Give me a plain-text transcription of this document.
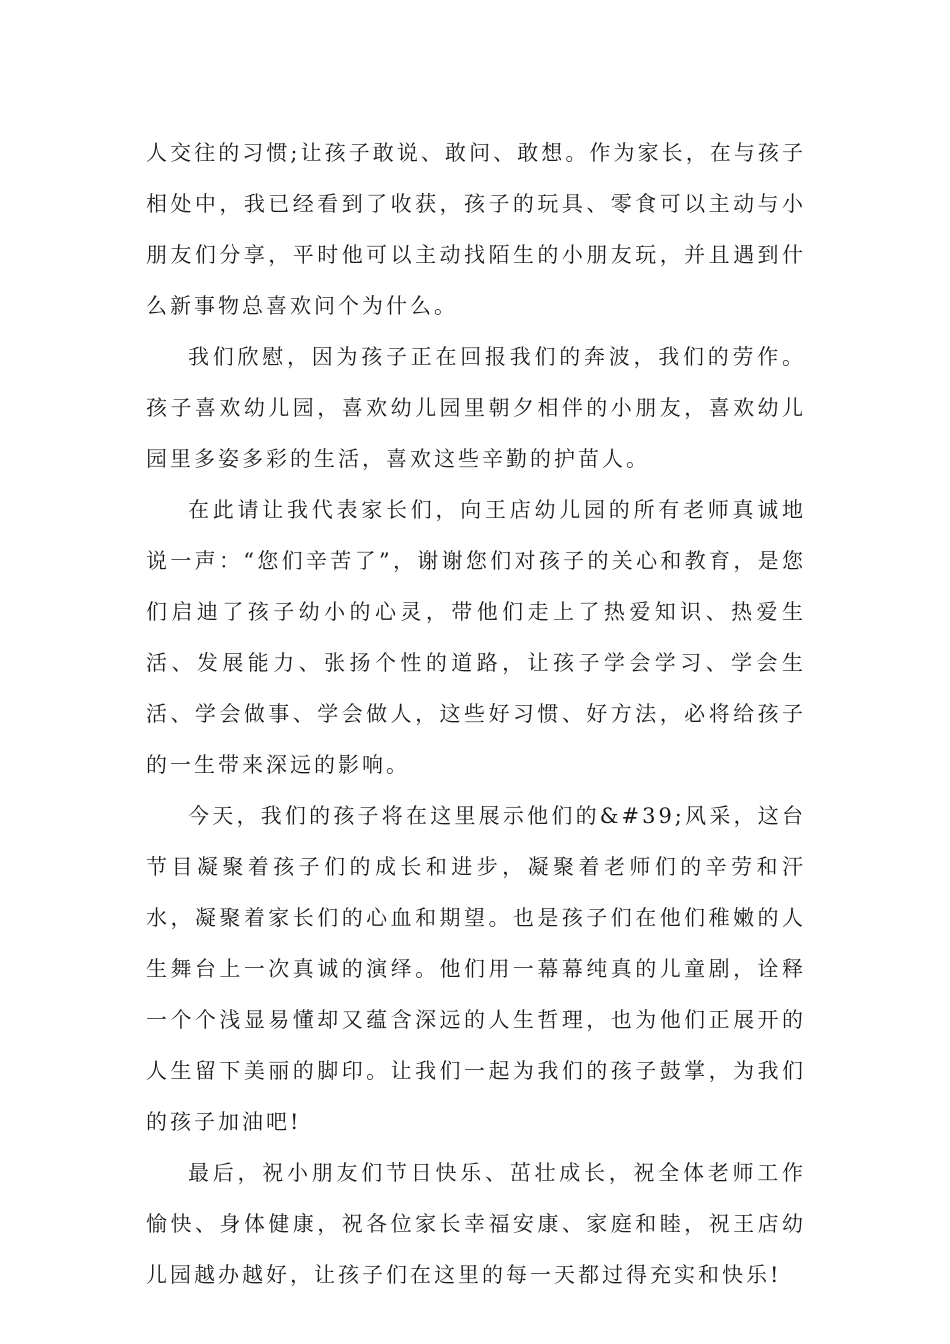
人交往的习惯;让孩子敢说、敢问、敢想。作为家长，在与孩子相处中，我已经看到了收获，孩子的玩具、零食可以主动与小朋友们分享，平时他可以主动找陌生的小朋友玩，并且遇到什么新事物总喜欢问个为什么。

我们欣慰，因为孩子正在回报我们的奔波，我们的劳作。孩子喜欢幼儿园，喜欢幼儿园里朝夕相伴的小朋友，喜欢幼儿园里多姿多彩的生活，喜欢这些辛勤的护苗人。

在此请让我代表家长们，向王店幼儿园的所有老师真诚地说一声：“您们辛苦了”，谢谢您们对孩子的关心和教育，是您们启迪了孩子幼小的心灵，带他们走上了热爱知识、热爱生活、发展能力、张扬个性的道路，让孩子学会学习、学会生活、学会做事、学会做人，这些好习惯、好方法，必将给孩子的一生带来深远的影响。

今天，我们的孩子将在这里展示他们的&#39;风采，这台节目凝聚着孩子们的成长和进步，凝聚着老师们的辛劳和汗水，凝聚着家长们的心血和期望。也是孩子们在他们稚嫩的人生舞台上一次真诚的演绎。他们用一幕幕纯真的儿童剧，诠释一个个浅显易懂却又蕴含深远的人生哲理，也为他们正展开的人生留下美丽的脚印。让我们一起为我们的孩子鼓掌，为我们的孩子加油吧!

最后，祝小朋友们节日快乐、茁壮成长，祝全体老师工作愉快、身体健康，祝各位家长幸福安康、家庭和睦，祝王店幼儿园越办越好，让孩子们在这里的每一天都过得充实和快乐!
